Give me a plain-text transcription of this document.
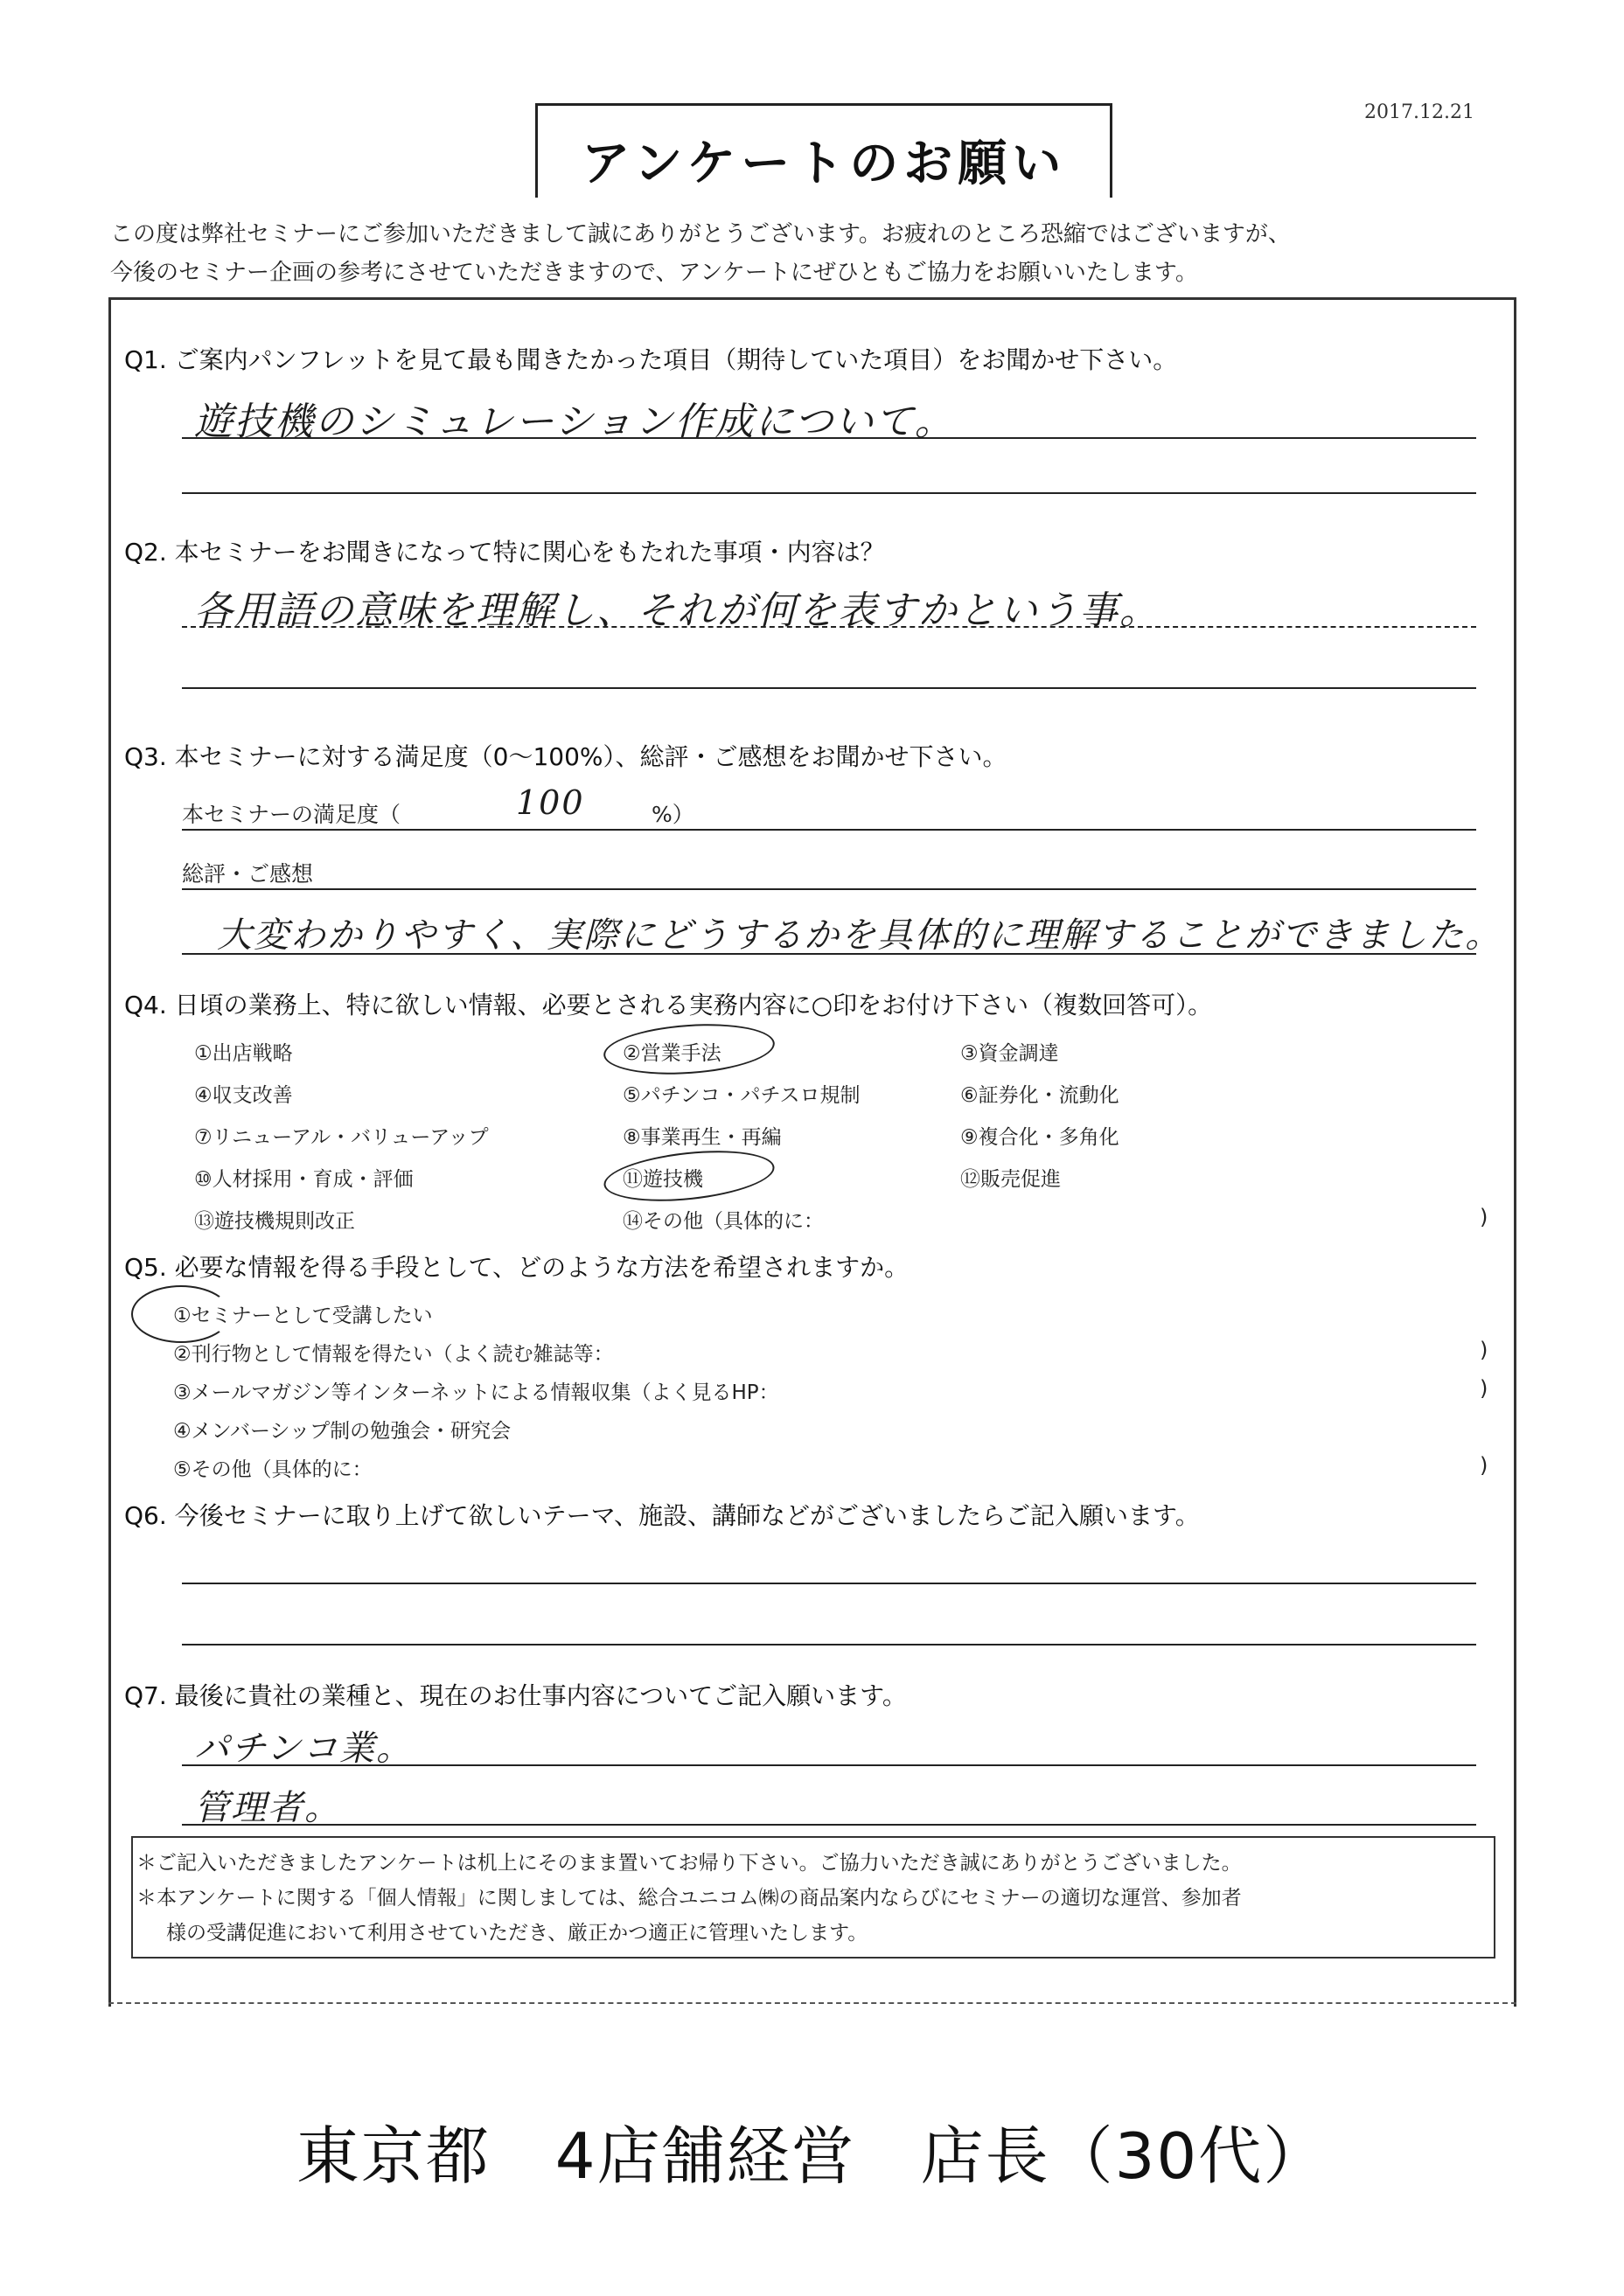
2017.12.21
アンケートのお願い
この度は弊社セミナーにご参加いただきまして誠にありがとうございます。お疲れのところ恐縮ではございますが、
今後のセミナー企画の参考にさせていただきますので、アンケートにぜひともご協力をお願いいたします。
Q1. ご案内パンフレットを見て最も聞きたかった項目（期待していた項目）をお聞かせ下さい。
遊技機のシミュレーション作成について。
Q2. 本セミナーをお聞きになって特に関心をもたれた事項・内容は？
各用語の意味を理解し、それが何を表すかという事。
Q3. 本セミナーに対する満足度（0～100%）、総評・ご感想をお聞かせ下さい。
本セミナーの満足度（	100	%）
総評・ご感想
大変わかりやすく、実際にどうするかを具体的に理解することができました。
Q4. 日頃の業務上、特に欲しい情報、必要とされる実務内容に○印をお付け下さい（複数回答可）。
①出店戦略	②営業手法	③資金調達
④収支改善	⑤パチンコ・パチスロ規制	⑥証券化・流動化
⑦リニューアル・バリューアップ	⑧事業再生・再編	⑨複合化・多角化
⑩人材採用・育成・評価	⑪遊技機	⑫販売促進
⑬遊技機規則改正	⑭その他（具体的に：	)
Q5. 必要な情報を得る手段として、どのような方法を希望されますか。
①セミナーとして受講したい
②刊行物として情報を得たい（よく読む雑誌等：	)
③メールマガジン等インターネットによる情報収集（よく見るHP：	)
④メンバーシップ制の勉強会・研究会
⑤その他（具体的に：	)
Q6. 今後セミナーに取り上げて欲しいテーマ、施設、講師などがございましたらご記入願います。
Q7. 最後に貴社の業種と、現在のお仕事内容についてご記入願います。
パチンコ業。
管理者。
＊ご記入いただきましたアンケートは机上にそのまま置いてお帰り下さい。ご協力いただき誠にありがとうございました。
＊本アンケートに関する「個人情報」に関しましては、総合ユニコム㈱の商品案内ならびにセミナーの適切な運営、参加者
様の受講促進において利用させていただき、厳正かつ適正に管理いたします。
東京都　4店舗経営　店長（30代）
